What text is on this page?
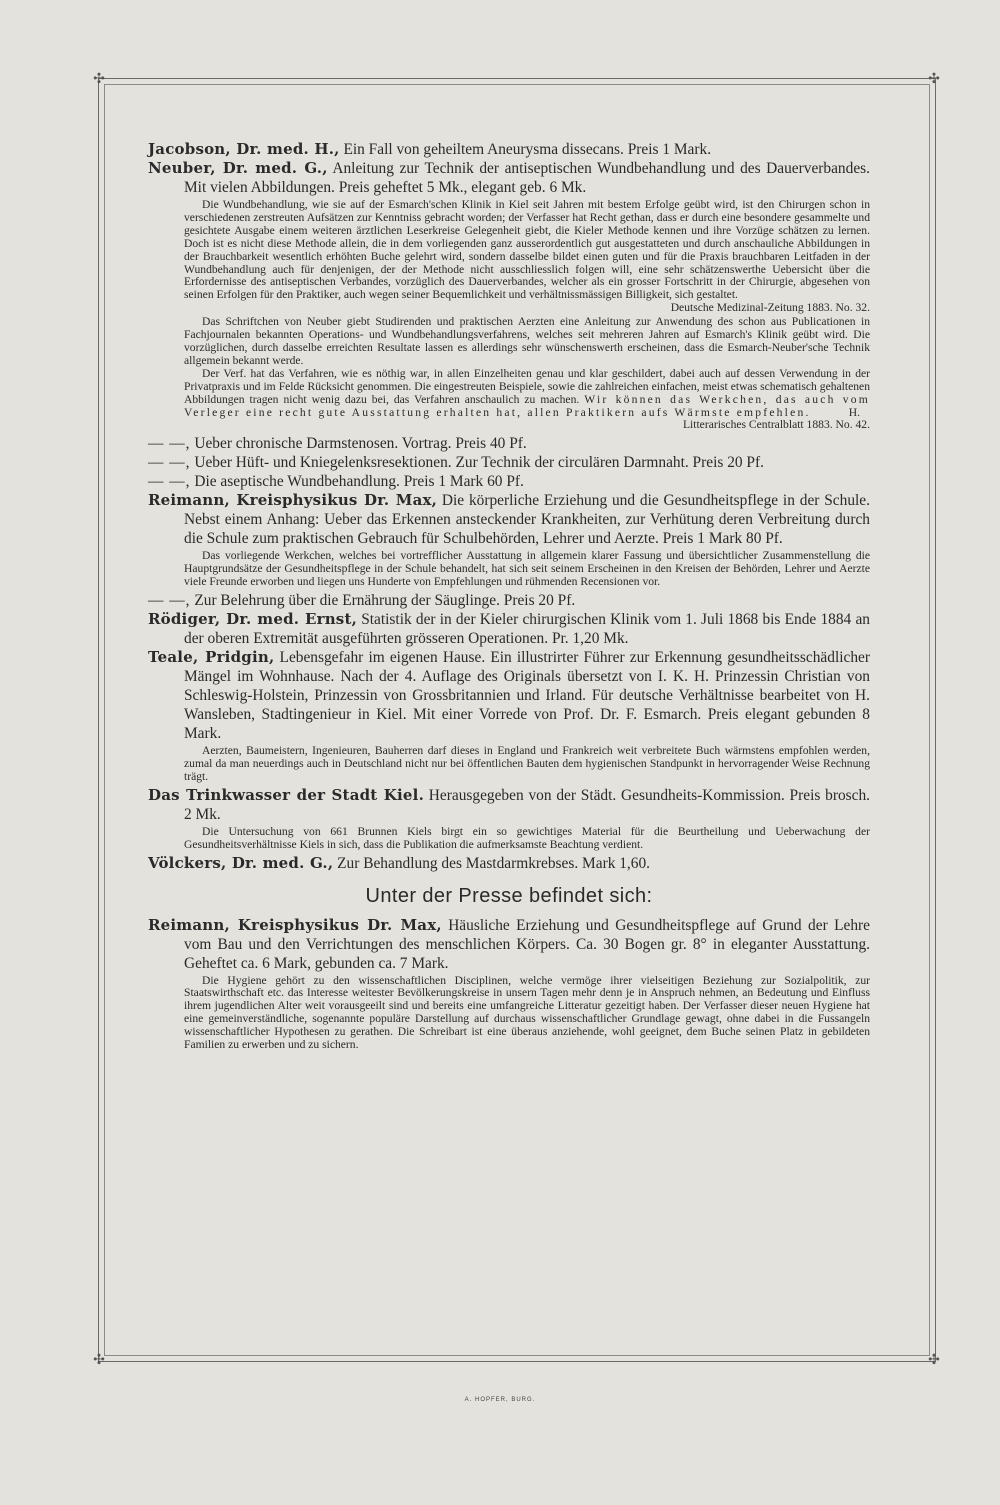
✣	✣
✣	✣

Jacobson, Dr. med. H., Ein Fall von geheiltem Aneurysma dissecans. Preis 1 Mark.

Neuber, Dr. med. G., Anleitung zur Technik der antiseptischen Wundbehandlung und des Dauerverbandes. Mit vielen Abbildungen. Preis geheftet 5 Mk., elegant geb. 6 Mk.

Die Wundbehandlung, wie sie auf der Esmarch'schen Klinik in Kiel seit Jahren mit bestem Erfolge geübt wird, ist den Chirurgen schon in verschiedenen zerstreuten Aufsätzen zur Kenntniss gebracht worden; der Verfasser hat Recht gethan, dass er durch eine besondere gesammelte und gesichtete Ausgabe einem weiteren ärztlichen Leserkreise Gelegenheit giebt, die Kieler Methode kennen und ihre Vorzüge schätzen zu lernen. Doch ist es nicht diese Methode allein, die in dem vorliegenden ganz ausserordentlich gut ausgestatteten und durch anschauliche Abbildungen in der Brauchbarkeit wesentlich erhöhten Buche gelehrt wird, sondern dasselbe bildet einen guten und für die Praxis brauchbaren Leitfaden in der Wundbehandlung auch für denjenigen, der der Methode nicht ausschliesslich folgen will, eine sehr schätzenswerthe Uebersicht über die Erfordernisse des antiseptischen Verbandes, vorzüglich des Dauerverbandes, welcher als ein grosser Fortschritt in der Chirurgie, abgesehen von seinen Erfolgen für den Praktiker, auch wegen seiner Bequemlichkeit und verhältnissmässigen Billigkeit, sich gestaltet.

Deutsche Medizinal-Zeitung 1883. No. 32.

Das Schriftchen von Neuber giebt Studirenden und praktischen Aerzten eine Anleitung zur Anwendung des schon aus Publicationen in Fachjournalen bekannten Operations- und Wundbehandlungsverfahrens, welches seit mehreren Jahren auf Esmarch's Klinik geübt wird. Die vorzüglichen, durch dasselbe erreichten Resultate lassen es allerdings sehr wünschenswerth erscheinen, dass die Esmarch-Neuber'sche Technik allgemein bekannt werde.

Der Verf. hat das Verfahren, wie es nöthig war, in allen Einzelheiten genau und klar geschildert, dabei auch auf dessen Verwendung in der Privatpraxis und im Felde Rücksicht genommen. Die eingestreuten Beispiele, sowie die zahlreichen einfachen, meist etwas schematisch gehaltenen Abbildungen tragen nicht wenig dazu bei, das Verfahren anschaulich zu machen. Wir können das Werkchen, das auch vom Verleger eine recht gute Ausstattung erhalten hat, allen Praktikern aufs Wärmste empfehlen.	H.

Litterarisches Centralblatt 1883. No. 42.

— —, Ueber chronische Darmstenosen. Vortrag. Preis 40 Pf.

— —, Ueber Hüft- und Kniegelenksresektionen. Zur Technik der circulären Darmnaht. Preis 20 Pf.

— —, Die aseptische Wundbehandlung. Preis 1 Mark 60 Pf.

Reimann, Kreisphysikus Dr. Max, Die körperliche Erziehung und die Gesundheitspflege in der Schule. Nebst einem Anhang: Ueber das Erkennen ansteckender Krankheiten, zur Verhütung deren Verbreitung durch die Schule zum praktischen Gebrauch für Schulbehörden, Lehrer und Aerzte. Preis 1 Mark 80 Pf.

Das vorliegende Werkchen, welches bei vortrefflicher Ausstattung in allgemein klarer Fassung und übersichtlicher Zusammenstellung die Hauptgrundsätze der Gesundheitspflege in der Schule behandelt, hat sich seit seinem Erscheinen in den Kreisen der Behörden, Lehrer und Aerzte viele Freunde erworben und liegen uns Hunderte von Empfehlungen und rühmenden Recensionen vor.

— —, Zur Belehrung über die Ernährung der Säuglinge. Preis 20 Pf.

Rödiger, Dr. med. Ernst, Statistik der in der Kieler chirurgischen Klinik vom 1. Juli 1868 bis Ende 1884 an der oberen Extremität ausgeführten grösseren Operationen. Pr. 1,20 Mk.

Teale, Pridgin, Lebensgefahr im eigenen Hause. Ein illustrirter Führer zur Erkennung gesundheitsschädlicher Mängel im Wohnhause. Nach der 4. Auflage des Originals übersetzt von I. K. H. Prinzessin Christian von Schleswig-Holstein, Prinzessin von Grossbritannien und Irland. Für deutsche Verhältnisse bearbeitet von H. Wansleben, Stadtingenieur in Kiel. Mit einer Vorrede von Prof. Dr. F. Esmarch. Preis elegant gebunden 8 Mark.

Aerzten, Baumeistern, Ingenieuren, Bauherren darf dieses in England und Frankreich weit verbreitete Buch wärmstens empfohlen werden, zumal da man neuerdings auch in Deutschland nicht nur bei öffentlichen Bauten dem hygienischen Standpunkt in hervorragender Weise Rechnung trägt.

Das Trinkwasser der Stadt Kiel. Herausgegeben von der Städt. Gesundheits-Kommission. Preis brosch. 2 Mk.

Die Untersuchung von 661 Brunnen Kiels birgt ein so gewichtiges Material für die Beurtheilung und Ueberwachung der Gesundheitsverhältnisse Kiels in sich, dass die Publikation die aufmerksamste Beachtung verdient.

Völckers, Dr. med. G., Zur Behandlung des Mastdarmkrebses. Mark 1,60.

Unter der Presse befindet sich:

Reimann, Kreisphysikus Dr. Max, Häusliche Erziehung und Gesundheitspflege auf Grund der Lehre vom Bau und den Verrichtungen des menschlichen Körpers. Ca. 30 Bogen gr. 8° in eleganter Ausstattung. Geheftet ca. 6 Mark, gebunden ca. 7 Mark.

Die Hygiene gehört zu den wissenschaftlichen Disciplinen, welche vermöge ihrer vielseitigen Beziehung zur Sozialpolitik, zur Staatswirthschaft etc. das Interesse weitester Bevölkerungskreise in unsern Tagen mehr denn je in Anspruch nehmen, an Bedeutung und Einfluss ihrem jugendlichen Alter weit vorausgeeilt sind und bereits eine umfangreiche Litteratur gezeitigt haben. Der Verfasser dieser neuen Hygiene hat eine gemeinverständliche, sogenannte populäre Darstellung auf durchaus wissenschaftlicher Grundlage gewagt, ohne dabei in die Fussangeln wissenschaftlicher Hypothesen zu gerathen. Die Schreibart ist eine überaus anziehende, wohl geeignet, dem Buche seinen Platz in gebildeten Familien zu erwerben und zu sichern.

A. HOPFER, BURG.
